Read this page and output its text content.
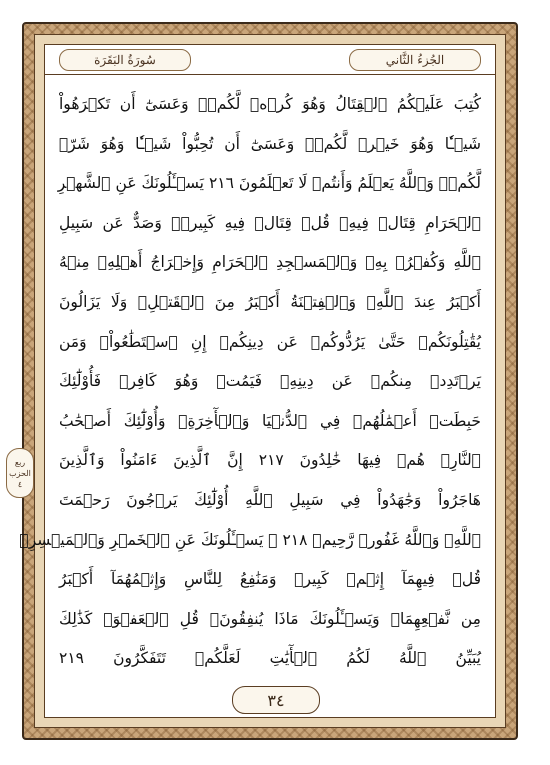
سُورَةُ البَقَرَة	الجُزءُ الثَّاني
كُتِبَ عَلَيۡكُمُ ٱلۡقِتَالُ وَهُوَ كُرۡهٞ لَّكُمۡۖ وَعَسَىٰٓ أَن تَكۡرَهُواْ
شَيۡـٔٗا وَهُوَ خَيۡرٞ لَّكُمۡۖ وَعَسَىٰٓ أَن تُحِبُّواْ شَيۡـٔٗا وَهُوَ شَرّٞ
لَّكُمۡۚ وَٱللَّهُ يَعۡلَمُ وَأَنتُمۡ لَا تَعۡلَمُونَ ٢١٦ يَسۡـَٔلُونَكَ عَنِ ٱلشَّهۡرِ
ٱلۡحَرَامِ قِتَالٖ فِيهِۖ قُلۡ قِتَالٞ فِيهِ كَبِيرٞۚ وَصَدٌّ عَن سَبِيلِ
ٱللَّهِ وَكُفۡرُۢ بِهِۦ وَٱلۡمَسۡجِدِ ٱلۡحَرَامِ وَإِخۡرَاجُ أَهۡلِهِۦ مِنۡهُ
أَكۡبَرُ عِندَ ٱللَّهِۚ وَٱلۡفِتۡنَةُ أَكۡبَرُ مِنَ ٱلۡقَتۡلِۗ وَلَا يَزَالُونَ
يُقَٰتِلُونَكُمۡ حَتَّىٰ يَرُدُّوكُمۡ عَن دِينِكُمۡ إِنِ ٱسۡتَطَٰعُواْۚ وَمَن
يَرۡتَدِدۡ مِنكُمۡ عَن دِينِهِۦ فَيَمُتۡ وَهُوَ كَافِرٞ فَأُوْلَٰٓئِكَ
حَبِطَتۡ أَعۡمَٰلُهُمۡ فِي ٱلدُّنۡيَا وَٱلۡأٓخِرَةِۖ وَأُوْلَٰٓئِكَ أَصۡحَٰبُ
ٱلنَّارِۖ هُمۡ فِيهَا خَٰلِدُونَ ٢١٧ إِنَّ ٱلَّذِينَ ءَامَنُواْ وَٱلَّذِينَ
هَاجَرُواْ وَجَٰهَدُواْ فِي سَبِيلِ ٱللَّهِ أُوْلَٰٓئِكَ يَرۡجُونَ رَحۡمَتَ
ٱللَّهِۚ وَٱللَّهُ غَفُورٞ رَّحِيمٞ ٢١٨ ۞ يَسۡـَٔلُونَكَ عَنِ ٱلۡخَمۡرِ وَٱلۡمَيۡسِرِۖ
قُلۡ فِيهِمَآ إِثۡمٞ كَبِيرٞ وَمَنَٰفِعُ لِلنَّاسِ وَإِثۡمُهُمَآ أَكۡبَرُ
مِن نَّفۡعِهِمَاۗ وَيَسۡـَٔلُونَكَ مَاذَا يُنفِقُونَۖ قُلِ ٱلۡعَفۡوَۗ كَذَٰلِكَ
يُبَيِّنُ ٱللَّهُ لَكُمُ ٱلۡأٓيَٰتِ لَعَلَّكُمۡ تَتَفَكَّرُونَ ٢١٩
ربع
الحزب
٤
٣٤
